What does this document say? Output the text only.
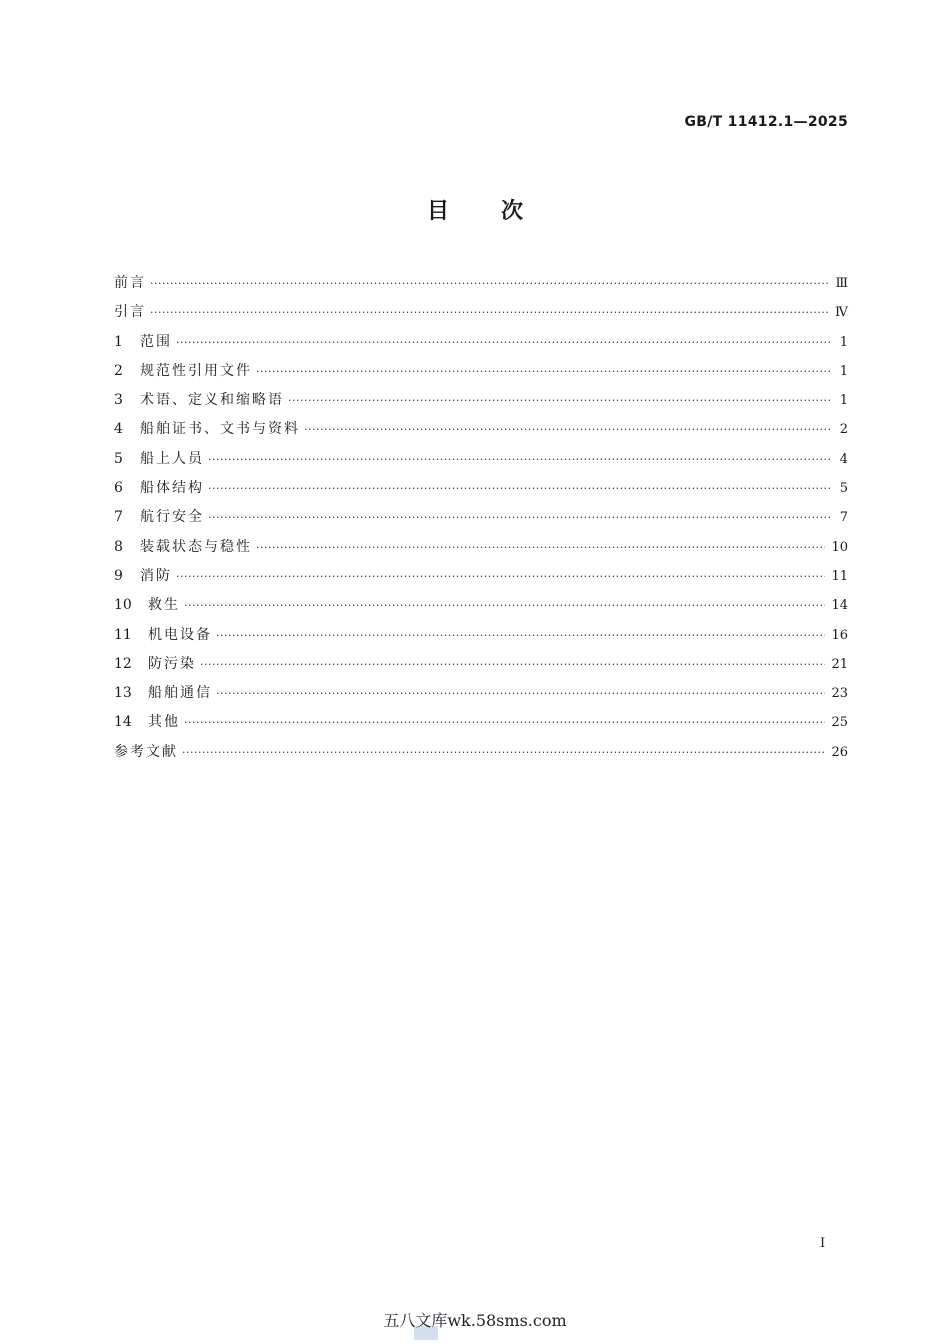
GB/T 11412.1—2025
目次
前言 ·····	Ⅲ
引言 ·····	Ⅳ
1	范围 ·····	1
2	规范性引用文件 ·····	1
3	术语、定义和缩略语 ·····	1
4	船舶证书、文书与资料 ·····	2
5	船上人员 ·····	4
6	船体结构 ·····	5
7	航行安全 ·····	7
8	装载状态与稳性 ·····	10
9	消防 ·····	11
10	救生 ·····	14
11	机电设备 ·····	16
12	防污染 ·····	21
13	船舶通信 ·····	23
14	其他 ·····	25
参考文献 ·····	26
I
五八文库wk.58sms.com
